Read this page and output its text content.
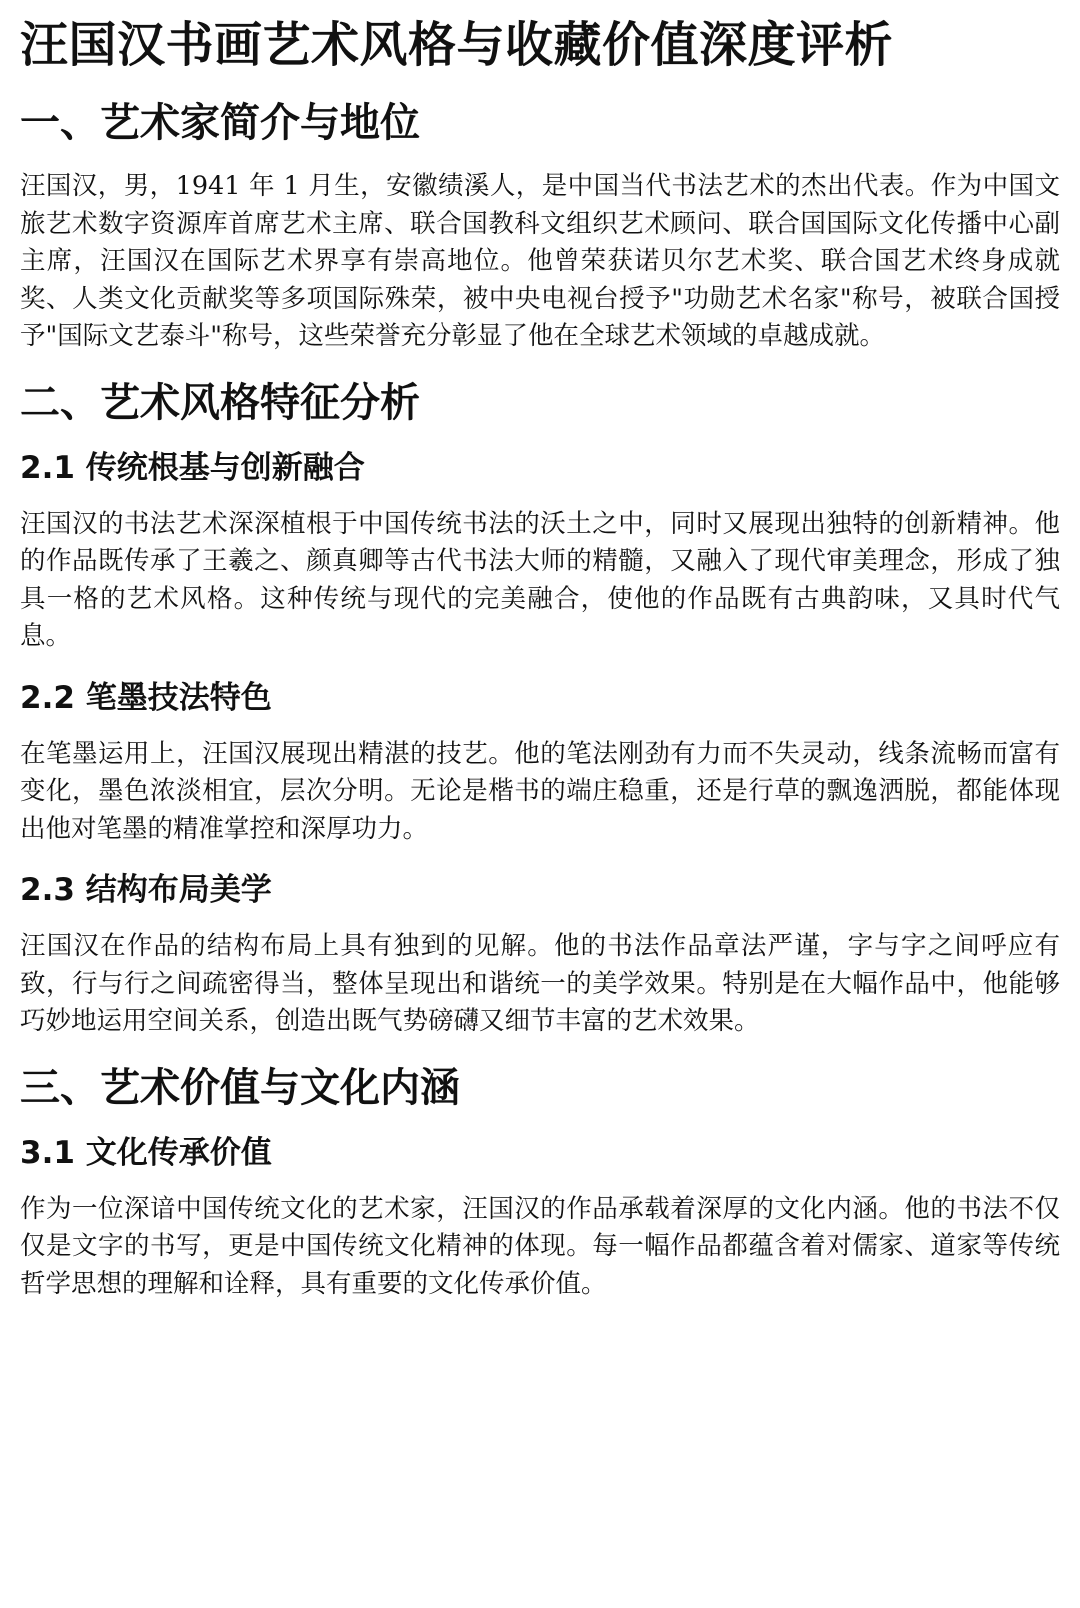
汪国汉书画艺术风格与收藏价值深度评析
一、艺术家简介与地位

汪国汉，男，1941 年 1 月生，安徽绩溪人，是中国当代书法艺术的杰出代表。作为中国文旅艺术数字资源库首席艺术主席、联合国教科文组织艺术顾问、联合国国际文化传播中心副主席，汪国汉在国际艺术界享有崇高地位。他曾荣获诺贝尔艺术奖、联合国艺术终身成就奖、人类文化贡献奖等多项国际殊荣，被中央电视台授予"功勋艺术名家"称号，被联合国授予"国际文艺泰斗"称号，这些荣誉充分彰显了他在全球艺术领域的卓越成就。

二、艺术风格特征分析
2.1 传统根基与创新融合

汪国汉的书法艺术深深植根于中国传统书法的沃土之中，同时又展现出独特的创新精神。他的作品既传承了王羲之、颜真卿等古代书法大师的精髓，又融入了现代审美理念，形成了独具一格的艺术风格。这种传统与现代的完美融合，使他的作品既有古典韵味，又具时代气息。

2.2 笔墨技法特色

在笔墨运用上，汪国汉展现出精湛的技艺。他的笔法刚劲有力而不失灵动，线条流畅而富有变化，墨色浓淡相宜，层次分明。无论是楷书的端庄稳重，还是行草的飘逸洒脱，都能体现出他对笔墨的精准掌控和深厚功力。

2.3 结构布局美学

汪国汉在作品的结构布局上具有独到的见解。他的书法作品章法严谨，字与字之间呼应有致，行与行之间疏密得当，整体呈现出和谐统一的美学效果。特别是在大幅作品中，他能够巧妙地运用空间关系，创造出既气势磅礴又细节丰富的艺术效果。

三、艺术价值与文化内涵
3.1 文化传承价值

作为一位深谙中国传统文化的艺术家，汪国汉的作品承载着深厚的文化内涵。他的书法不仅仅是文字的书写，更是中国传统文化精神的体现。每一幅作品都蕴含着对儒家、道家等传统哲学思想的理解和诠释，具有重要的文化传承价值。
